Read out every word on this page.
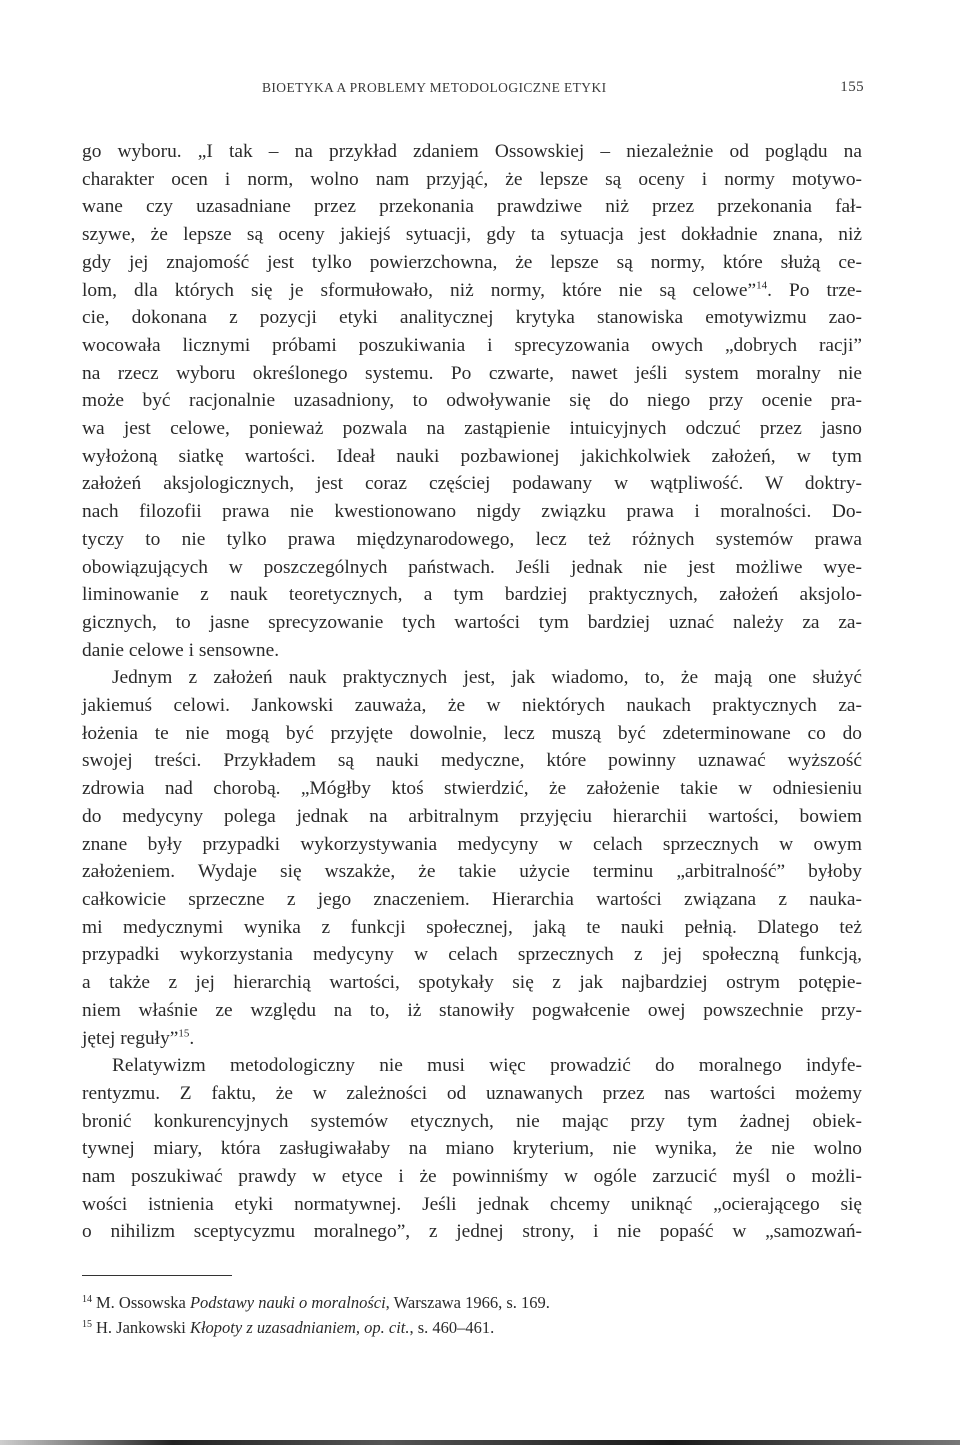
BIOETYKA A PROBLEMY METODOLOGICZNE ETYKI	155
go wyboru. „I tak – na przykład zdaniem Ossowskiej – niezależnie od poglądu na
charakter ocen i norm, wolno nam przyjąć, że lepsze są oceny i normy motywo-
wane czy uzasadniane przez przekonania prawdziwe niż przez przekonania fał-
szywe, że lepsze są oceny jakiejś sytuacji, gdy ta sytuacja jest dokładnie znana, niż
gdy jej znajomość jest tylko powierzchowna, że lepsze są normy, które służą ce-
lom, dla których się je sformułowało, niż normy, które nie są celowe”$^{14}$. Po trze-
cie, dokonana z pozycji etyki analitycznej krytyka stanowiska emotywizmu zao-
wocowała licznymi próbami poszukiwania i sprecyzowania owych „dobrych racji”
na rzecz wyboru określonego systemu. Po czwarte, nawet jeśli system moralny nie
może być racjonalnie uzasadniony, to odwoływanie się do niego przy ocenie pra-
wa jest celowe, ponieważ pozwala na zastąpienie intuicyjnych odczuć przez jasno
wyłożoną siatkę wartości. Ideał nauki pozbawionej jakichkolwiek założeń, w tym
założeń aksjologicznych, jest coraz częściej podawany w wątpliwość. W doktry-
nach filozofii prawa nie kwestionowano nigdy związku prawa i moralności. Do-
tyczy to nie tylko prawa międzynarodowego, lecz też różnych systemów prawa
obowiązujących w poszczególnych państwach. Jeśli jednak nie jest możliwe wye-
liminowanie z nauk teoretycznych, a tym bardziej praktycznych, założeń aksjolo-
gicznych, to jasne sprecyzowanie tych wartości tym bardziej uznać należy za za-
danie celowe i sensowne.
Jednym z założeń nauk praktycznych jest, jak wiadomo, to, że mają one służyć
jakiemuś celowi. Jankowski zauważa, że w niektórych naukach praktycznych za-
łożenia te nie mogą być przyjęte dowolnie, lecz muszą być zdeterminowane co do
swojej treści. Przykładem są nauki medyczne, które powinny uznawać wyższość
zdrowia nad chorobą. „Mógłby ktoś stwierdzić, że założenie takie w odniesieniu
do medycyny polega jednak na arbitralnym przyjęciu hierarchii wartości, bowiem
znane były przypadki wykorzystywania medycyny w celach sprzecznych w owym
założeniem. Wydaje się wszakże, że takie użycie terminu „arbitralność” byłoby
całkowicie sprzeczne z jego znaczeniem. Hierarchia wartości związana z nauka-
mi medycznymi wynika z funkcji społecznej, jaką te nauki pełnią. Dlatego też
przypadki wykorzystania medycyny w celach sprzecznych z jej społeczną funkcją,
a także z jej hierarchią wartości, spotykały się z jak najbardziej ostrym potępie-
niem właśnie ze względu na to, iż stanowiły pogwałcenie owej powszechnie przy-
jętej reguły”$^{15}$.
Relatywizm metodologiczny nie musi więc prowadzić do moralnego indyfe-
rentyzmu. Z faktu, że w zależności od uznawanych przez nas wartości możemy
bronić konkurencyjnych systemów etycznych, nie mając przy tym żadnej obiek-
tywnej miary, która zasługiwałaby na miano kryterium, nie wynika, że nie wolno
nam poszukiwać prawdy w etyce i że powinniśmy w ogóle zarzucić myśl o możli-
wości istnienia etyki normatywnej. Jeśli jednak chcemy uniknąć „ocierającego się
o nihilizm sceptycyzmu moralnego”, z jednej strony, i nie popaść w „samozwań-
$^{14}$ M. Ossowska Podstawy nauki o moralności, Warszawa 1966, s. 169.
$^{15}$ H. Jankowski Kłopoty z uzasadnianiem, op. cit., s. 460–461.
